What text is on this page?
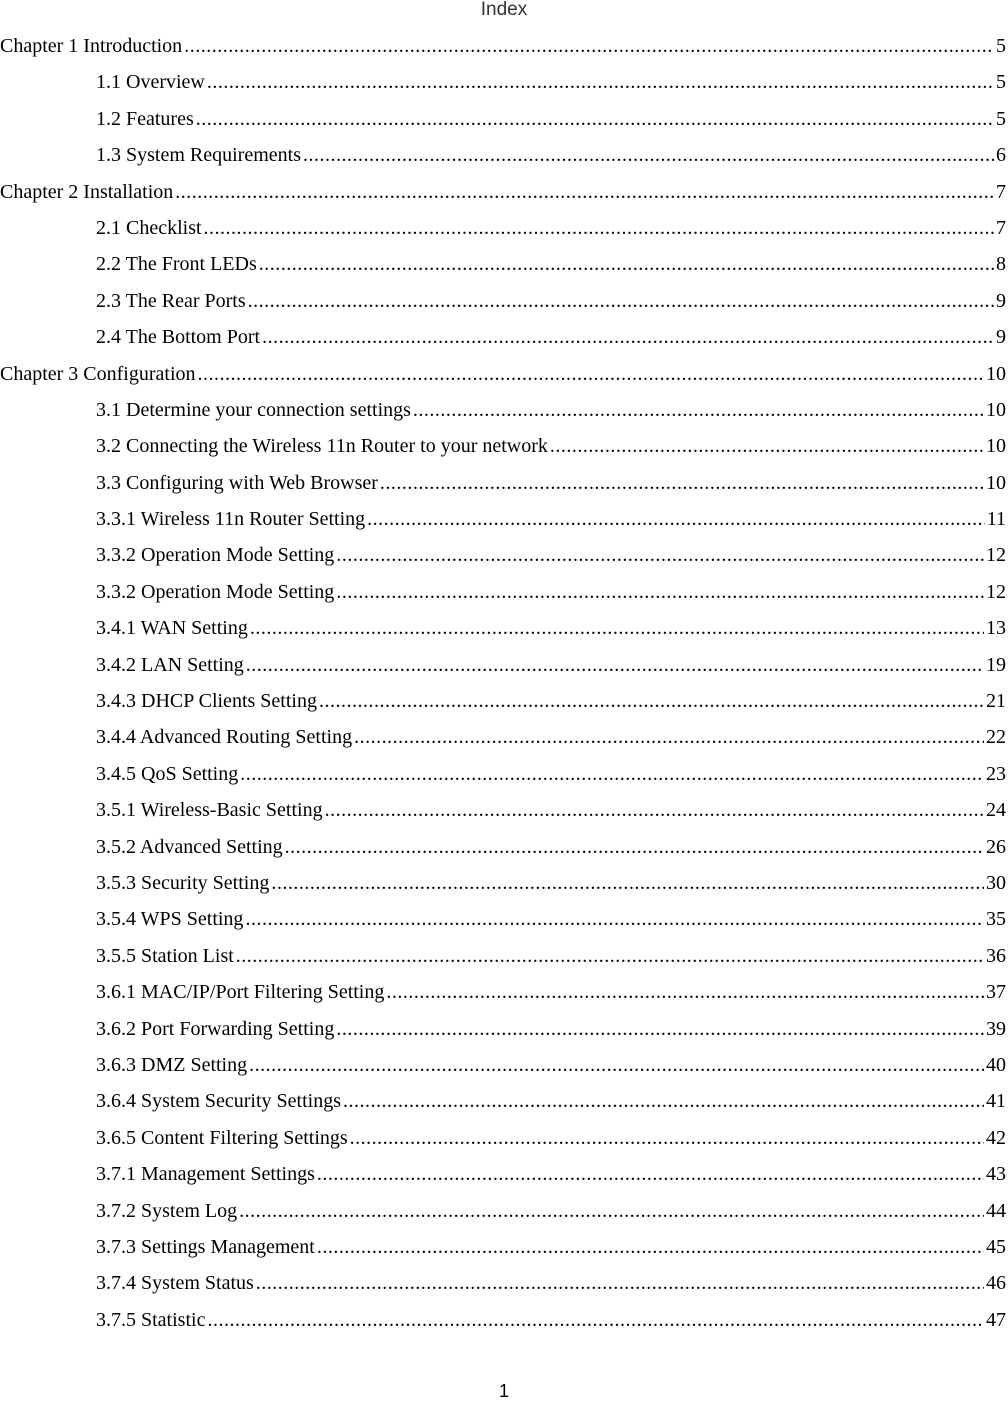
Index
Chapter 1 Introduction .....	5
1.1 Overview .....	5
1.2 Features .....	5
1.3 System Requirements .....	6
Chapter 2 Installation .....	7
2.1 Checklist .....	7
2.2 The Front LEDs .....	8
2.3 The Rear Ports .....	9
2.4 The Bottom Port .....	9
Chapter 3 Configuration .....	10
3.1 Determine your connection settings .....	10
3.2 Connecting the Wireless 11n Router to your network .....	10
3.3 Configuring with Web Browser .....	10
3.3.1 Wireless 11n Router Setting .....	11
3.3.2 Operation Mode Setting .....	12
3.3.2 Operation Mode Setting .....	12
3.4.1 WAN Setting .....	13
3.4.2 LAN Setting .....	19
3.4.3 DHCP Clients Setting .....	21
3.4.4 Advanced Routing Setting .....	22
3.4.5 QoS Setting .....	23
3.5.1 Wireless-Basic Setting .....	24
3.5.2 Advanced Setting .....	26
3.5.3 Security Setting .....	30
3.5.4 WPS Setting .....	35
3.5.5 Station List .....	36
3.6.1 MAC/IP/Port Filtering Setting .....	37
3.6.2 Port Forwarding Setting .....	39
3.6.3 DMZ Setting .....	40
3.6.4 System Security Settings .....	41
3.6.5 Content Filtering Settings .....	42
3.7.1 Management Settings .....	43
3.7.2 System Log .....	44
3.7.3 Settings Management .....	45
3.7.4 System Status .....	46
3.7.5 Statistic .....	47
1
